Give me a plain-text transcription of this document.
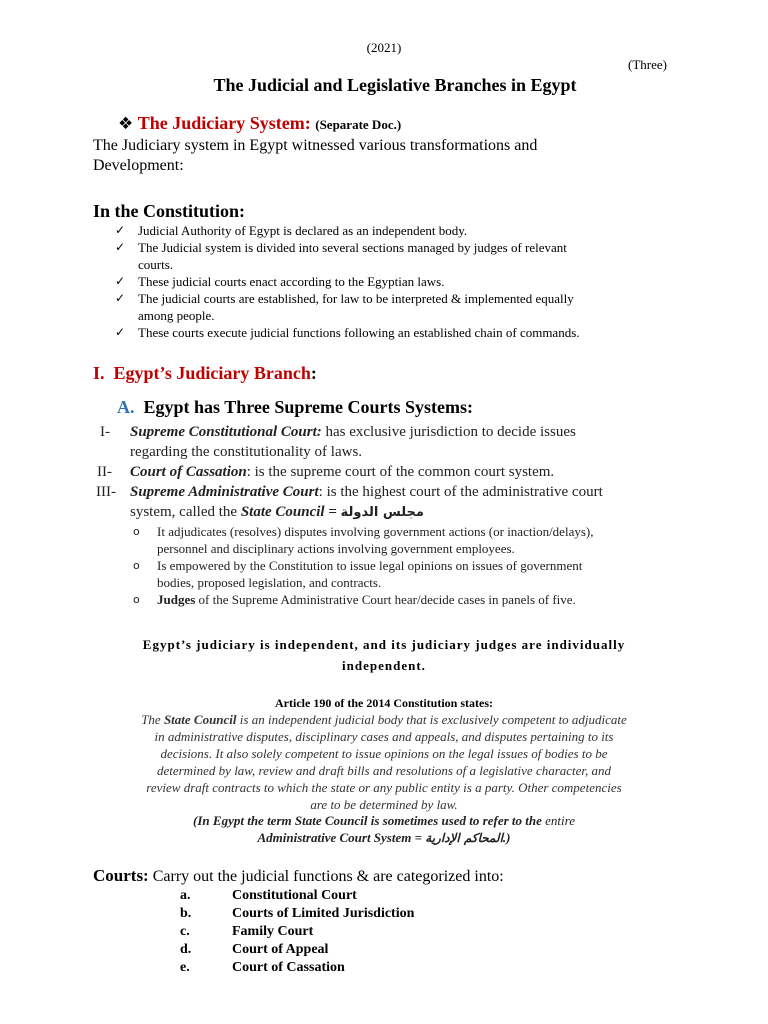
(2021)
(Three)
The Judicial and Legislative Branches in Egypt
❖ The Judiciary System: (Separate Doc.)
The Judiciary system in Egypt witnessed various transformations and
Development:
In the Constitution:
✓ Judicial Authority of Egypt is declared as an independent body.
✓ The Judicial system is divided into several sections managed by judges of relevant
courts.
✓ These judicial courts enact according to the Egyptian laws.
✓ The judicial courts are established, for law to be interpreted & implemented equally
among people.
✓ These courts execute judicial functions following an established chain of commands.
I. Egypt’s Judiciary Branch:
A. Egypt has Three Supreme Courts Systems:
I- Supreme Constitutional Court: has exclusive jurisdiction to decide issues
regarding the constitutionality of laws.
II- Court of Cassation: is the supreme court of the common court system.
III- Supreme Administrative Court: is the highest court of the administrative court
system, called the State Council = مجلس الدولة
o It adjudicates (resolves) disputes involving government actions (or inaction/delays),
personnel and disciplinary actions involving government employees.
o Is empowered by the Constitution to issue legal opinions on issues of government
bodies, proposed legislation, and contracts.
o Judges of the Supreme Administrative Court hear/decide cases in panels of five.
Egypt’s judiciary is independent, and its judiciary judges are individually
independent.
Article 190 of the 2014 Constitution states:
The State Council is an independent judicial body that is exclusively competent to adjudicate
in administrative disputes, disciplinary cases and appeals, and disputes pertaining to its
decisions. It also solely competent to issue opinions on the legal issues of bodies to be
determined by law, review and draft bills and resolutions of a legislative character, and
review draft contracts to which the state or any public entity is a party. Other competencies
are to be determined by law.
(In Egypt the term State Council is sometimes used to refer to the entire
Administrative Court System = المحاكم الإدارية.)
Courts: Carry out the judicial functions & are categorized into:
a.	Constitutional Court
b.	Courts of Limited Jurisdiction
c.	Family Court
d.	Court of Appeal
e.	Court of Cassation
